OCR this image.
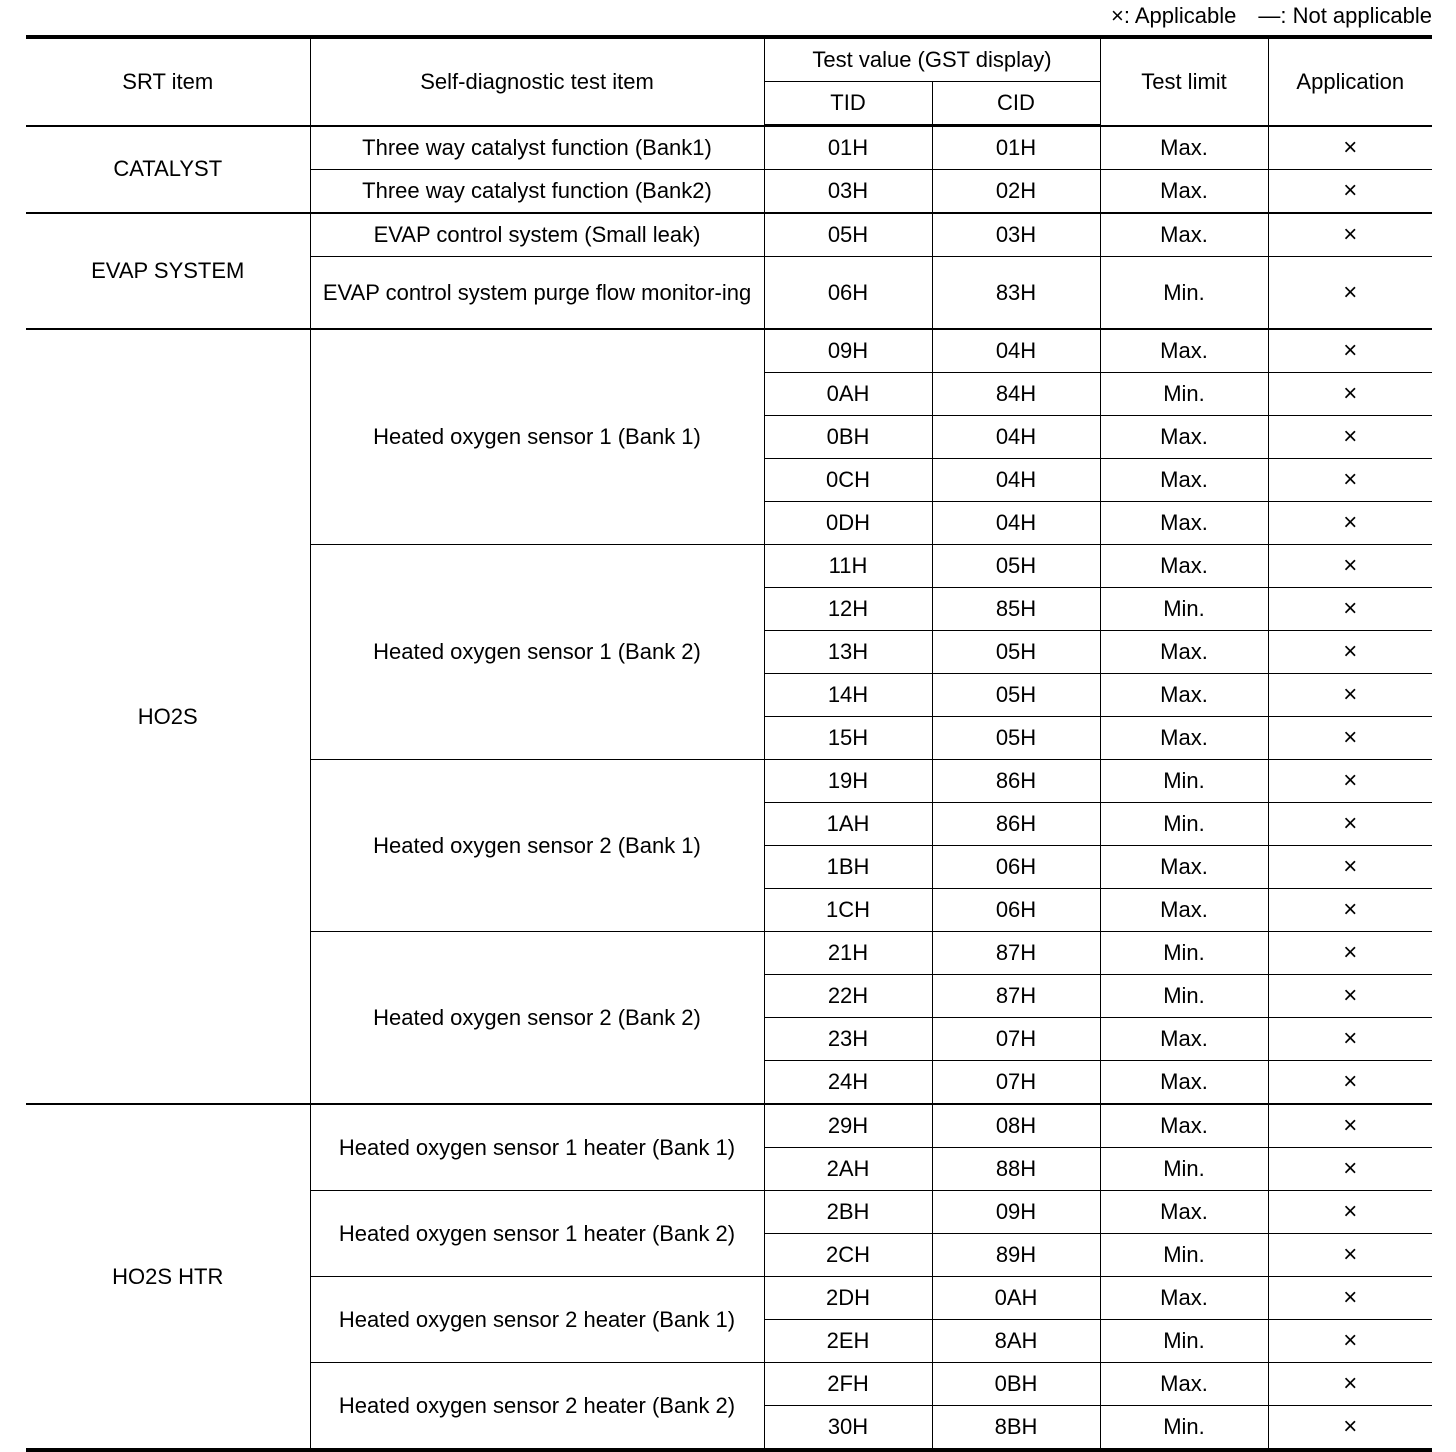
×: Applicable —: Not applicable
SRT item	Self-diagnostic test item	Test value (GST display)		Test limit	Application
		TID	CID		
CATALYST	Three way catalyst function (Bank1)	01H	01H	Max.	×
	Three way catalyst function (Bank2)	03H	02H	Max.	×
EVAP SYSTEM	EVAP control system (Small leak)	05H	03H	Max.	×
	EVAP control system purge flow monitor-ing	06H	83H	Min.	×
HO2S	Heated oxygen sensor 1 (Bank 1)	09H	04H	Max.	×
		0AH	84H	Min.	×
		0BH	04H	Max.	×
		0CH	04H	Max.	×
		0DH	04H	Max.	×
	Heated oxygen sensor 1 (Bank 2)	11H	05H	Max.	×
		12H	85H	Min.	×
		13H	05H	Max.	×
		14H	05H	Max.	×
		15H	05H	Max.	×
	Heated oxygen sensor 2 (Bank 1)	19H	86H	Min.	×
		1AH	86H	Min.	×
		1BH	06H	Max.	×
		1CH	06H	Max.	×
	Heated oxygen sensor 2 (Bank 2)	21H	87H	Min.	×
		22H	87H	Min.	×
		23H	07H	Max.	×
		24H	07H	Max.	×
HO2S HTR	Heated oxygen sensor 1 heater (Bank 1)	29H	08H	Max.	×
		2AH	88H	Min.	×
	Heated oxygen sensor 1 heater (Bank 2)	2BH	09H	Max.	×
		2CH	89H	Min.	×
	Heated oxygen sensor 2 heater (Bank 1)	2DH	0AH	Max.	×
		2EH	8AH	Min.	×
	Heated oxygen sensor 2 heater (Bank 2)	2FH	0BH	Max.	×
		30H	8BH	Min.	×
